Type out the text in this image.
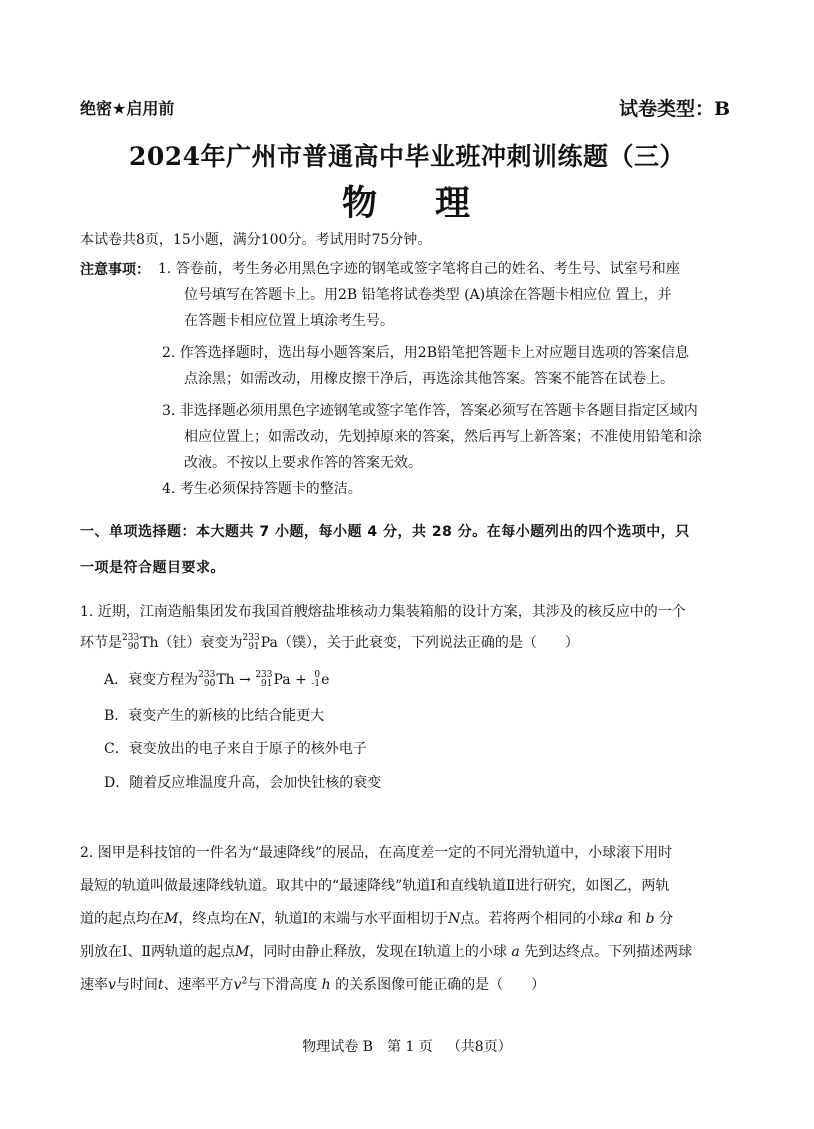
绝密★启用前	试卷类型：B
2024年广州市普通高中毕业班冲刺训练题（三）
物 理
本试卷共8页，15小题，满分100分。考试用时75分钟。
注意事项： 1. 答卷前，考生务必用黑色字迹的钢笔或签字笔将自己的姓名、考生号、试室号和座
位号填写在答题卡上。用2B 铅笔将试卷类型 (A)填涂在答题卡相应位 置上，并
在答题卡相应位置上填涂考生号。
2. 作答选择题时，选出每小题答案后，用2B铅笔把答题卡上对应题目选项的答案信息
点涂黑；如需改动，用橡皮擦干净后，再选涂其他答案。答案不能答在试卷上。
3. 非选择题必须用黑色字迹钢笔或签字笔作答，答案必须写在答题卡各题目指定区域内
相应位置上；如需改动，先划掉原来的答案，然后再写上新答案；不准使用铅笔和涂
改液。不按以上要求作答的答案无效。
4. 考生必须保持答题卡的整洁。
一、单项选择题：本大题共 7 小题，每小题 4 分，共 28 分。在每小题列出的四个选项中，只
一项是符合题目要求。
1. 近期，江南造船集团发布我国首艘熔盐堆核动力集装箱船的设计方案，其涉及的核反应中的一个
环节是 233
90 Th（钍）衰变为 233
91 Pa（镤），关于此衰变，下列说法正确的是（　　）
A．衰变方程为 233
90 Th → 233
91 Pa + 0
-1 e
B．衰变产生的新核的比结合能更大
C．衰变放出的电子来自于原子的核外电子
D．随着反应堆温度升高，会加快钍核的衰变
2. 图甲是科技馆的一件名为“最速降线”的展品，在高度差一定的不同光滑轨道中，小球滚下用时
最短的轨道叫做最速降线轨道。取其中的“最速降线”轨道Ⅰ和直线轨道Ⅱ进行研究，如图乙，两轨
道的起点均在M，终点均在N，轨道Ⅰ的末端与水平面相切于N点。若将两个相同的小球a 和 b 分
别放在Ⅰ、Ⅱ两轨道的起点M，同时由静止释放，发现在Ⅰ轨道上的小球 a 先到达终点。下列描述两球
速率v与时间t、速率平方$v^2$与下滑高度 h 的关系图像可能正确的是（　　）
物理试卷 B 第 1 页 （共8页）
